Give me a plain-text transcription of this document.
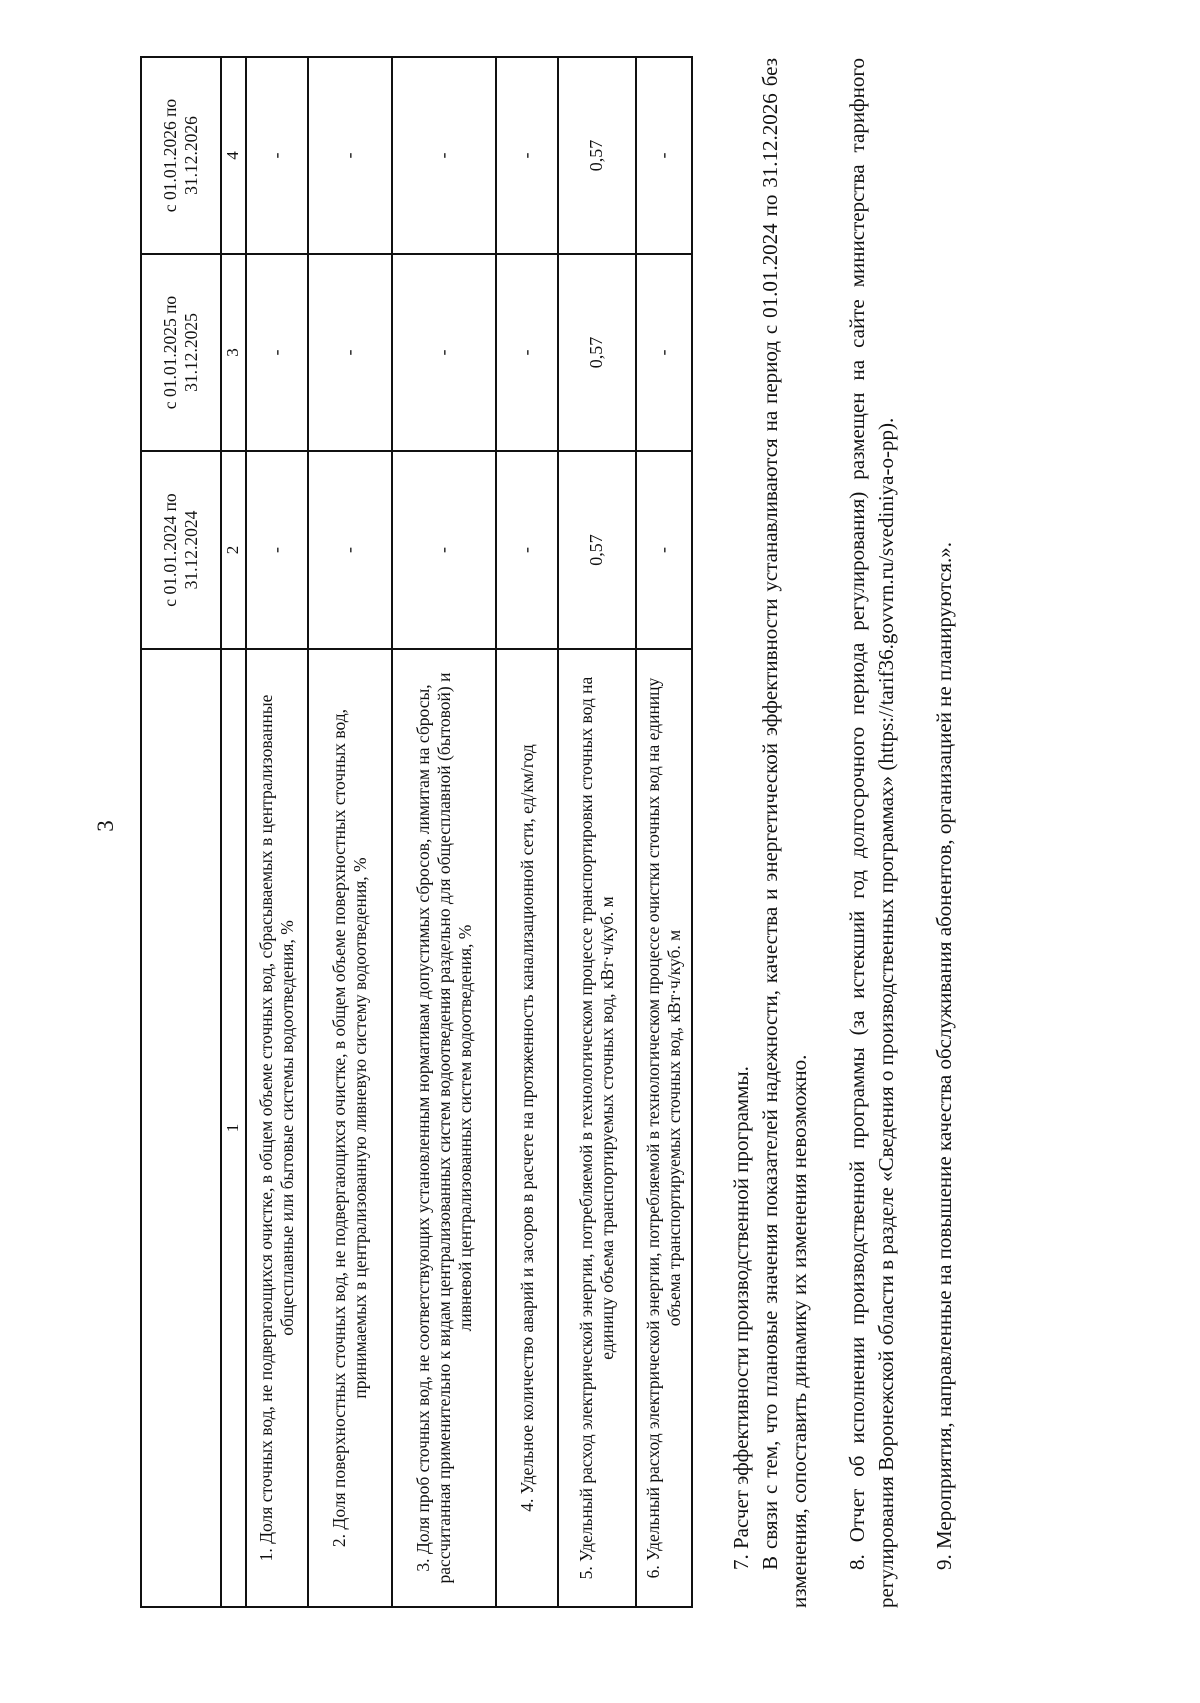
3
	с 01.01.2024 по 31.12.2024	с 01.01.2025 по 31.12.2025	с 01.01.2026 по 31.12.2026
1	2	3	4
1. Доля сточных вод, не подвергающихся очистке, в общем объеме сточных вод, сбрасываемых в централизованные общесплавные или бытовые системы водоотведения, %	-	-	-
2. Доля поверхностных сточных вод, не подвергающихся очистке, в общем объеме поверхностных сточных вод, принимаемых в централизованную ливневую систему водоотведения, %	-	-	-
3. Доля проб сточных вод, не соответствующих установленным нормативам допустимых сбросов, лимитам на сбросы, рассчитанная применительно к видам централизованных систем водоотведения раздельно для общесплавной (бытовой) и ливневой централизованных систем водоотведения, %	-	-	-
4. Удельное количество аварий и засоров в расчете на протяженность канализационной сети, ед/км/год	-	-	-
5. Удельный расход электрической энергии, потребляемой в технологическом процессе транспортировки сточных вод на единицу объема транспортируемых сточных вод, кВт·ч/куб. м	0,57	0,57	0,57
6. Удельный расход электрической энергии, потребляемой в технологическом процессе очистки сточных вод на единицу объема транспортируемых сточных вод, кВт·ч/куб. м	-	-	-

7. Расчет эффективности производственной программы. В связи с тем, что плановые значения показателей надежности, качества и энергетической эффективности устанавливаются на период с 01.01.2024 по 31.12.2026 без изменения, сопоставить динамику их изменения невозможно. 8. Отчет об исполнении производственной программы (за истекший год долгосрочного периода регулирования) размещен на сайте министерства тарифного регулирования Воронежской области в разделе «Сведения о производственных программах» (https://tarif36.govvrn.ru/svediniya-o-pp). 9. Мероприятия, направленные на повышение качества обслуживания абонентов, организацией не планируются.».
